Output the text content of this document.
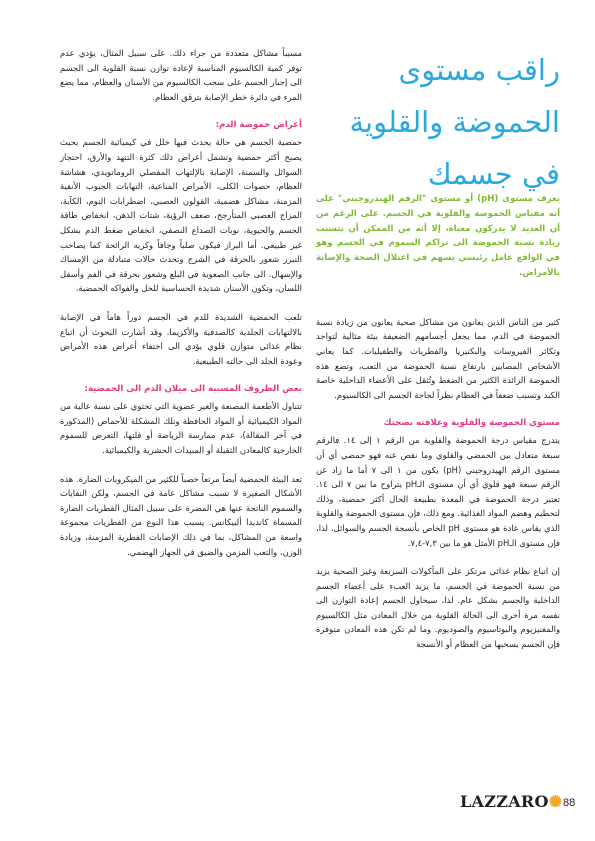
راقب مستوى الحموضة والقلوية في جسمك

يعرف مستوى (pH) أو مستوى "الرقم الهيدروجيني" على أنه مقياس الحموضة والقلوية في الجسم. على الرغم من أن العديد لا يدركون معناه، إلا أنه من الممكن أن تتسبب زيادة نسبة الحموضة الى تراكم السموم في الجسم وهو في الواقع عامل رئيسي يسهم في اعتلال الصحة والإصابة بالأمراض.

كثير من الناس الذين يعانون من مشاكل صحية يعانون من زيادة نسبة الحموضة في الدم، مما يجعل أجسامهم الضعيفة بيئة مثالية لتواجد وتكاثر الفيروسات والبكتيريا والفطريات والطفيليات. كما يعاني الأشخاص المصابين بارتفاع نسبة الحموضة من التعب، وتضع هذه الحموضة الزائدة الكثير من الضغط وتُثقل على الأعضاء الداخلية خاصة الكبد وتسبب ضعفاً في العظام نظراً لحاجة الجسم الى الكالسيوم.

مستوى الحموضة والقلوية وعلاقته بصحتك

يتدرج مقياس درجة الحموضة والقلوية من الرقم ١ إلى ١٤. فالرقم سبعة متعادل بين الحمضي والقلوي وما نقص عنه فهو حمضي أي أن مستوى الرقم الهيدروجيني (pH) يكون من ١ الى ٧ أما ما زاد عن الرقم سبعة فهو قلوي أي أن مستوى الـpH يتراوح ما بين ٧ الى ١٤. تعتبر درجة الحموضة في المعدة بطبيعة الحال أكثر حمضية، وذلك لتحطيم وهضم المواد الغذائية. ومع ذلك، فإن مستوى الحموضة والقلوية الذي يقاس عادة هو مستوى pH الخاص بأنسجة الجسم والسوائل. لذا، فإن مستوى الـpH الأمثل هو ما بين ٧,٣-٧,٤.

إن اتباع نظام غذائي مرتكز على المأكولات السريعة وغير الصحية يزيد من نسبة الحموضة في الجسم، ما يزيد العبء على أعضاء الجسم الداخلية والجسم بشكل عام. لذا، سيحاول الجسم إعادة التوازن الى نفسه مرة أخرى الى الحالة القلوية من خلال المعادن مثل الكالسيوم والمغنيزيوم والبوتاسيوم والصوديوم. وما لم تكن هذه المعادن متوفرة فإن الجسم يسحبها من العظام أو الأنسجة

مسبباً مشاكل متعددة من جراء ذلك. على سبيل المثال، يؤدي عدم توفر كمية الكالسيوم المناسبة لإعادة توازن نسبة القلوية الى الجسم الى إجبار الجسم على سحب الكالسيوم من الأسنان والعظام، مما يضع المرء في دائرة خطر الإصابة بترقق العظام.

أعراض حموضة الدم:

حمضية الجسم هي حالة يحدث فيها خلل في كيميائية الجسم بحيث يصبح أكثر حمضية وتشمل أعراض ذلك كثرة التنهد والأرق، احتجاز السوائل والسمنة، الإصابة بالإلتهاب المفصلي الروماتويدي، هشاشة العظام، حصوات الكلى، الأمراض المناعية، التهابات الجيوب الأنفية المزمنة، مشاكل هضمية، القولون العصبي، اضطرابات النوم، الكآبة، المزاج العصبي المتأرجح، ضعف الرؤية، شتات الذهن، انخفاض طاقة الجسم والحيوية، نوبات الصداع النصفي، انخفاض ضغط الدم بشكل غير طبيعي. أما البراز فيكون صلباً وجافاً وكريه الرائحة كما يصاحب التبرز شعور بالحرقة في الشرج وتحدث حالات متبادلة من الإمساك والإسهال. الى جانب الصعوبة في البلع وشعور بحرقة في الفم وأسفل اللسان، وتكون الأسنان شديدة الحساسية للخل والفواكه الحمضية.

تلعب الحمضية الشديدة للدم في الجسم دوراً هاماً في الإصابة بالالتهابات الجلدية كالصدفية والأكزيما. وقد أشارت البحوث أن اتباع نظام غذائي متوازن قلوي يؤدي الى اختفاء أعراض هذه الأمراض وعودة الجلد الى حالته الطبيعية.

بعض الظروف المسببة الى ميلان الدم الى الحمضية:

تتناول الأطعمة المصنعة والغير عضوية التي تحتوي على نسبة عالية من المواد الكيميائية أو المواد الحافظة وتلك المشكلة للأحماض (المذكورة في آخر المقالة)، عدم ممارسة الرياضة أو قلتها، التعرض للسموم الخارجية كالمعادن الثقيلة أو المبيدات الحشرية والكيميائية.

تعد البيئة الحمضية أيضاً مرتعاً خصباً للكثير من الميكروبات الضارة. هذه الأشكال الصغيرة لا تسبب مشاكل عامة في الجسم، ولكن النفايات والسموم الناتجة عنها هي المضرة على سبيل المثال الفطريات الضارة المسماة كانديدا ألبيكانس. يسبب هذا النوع من الفطريات مجموعة واسعة من المشاكل، بما في ذلك الإصابات الفطرية المزمنة، وزيادة الوزن، والتعب المزمن والضيق في الجهاز الهضمي.

LAZZARO✺ 88
